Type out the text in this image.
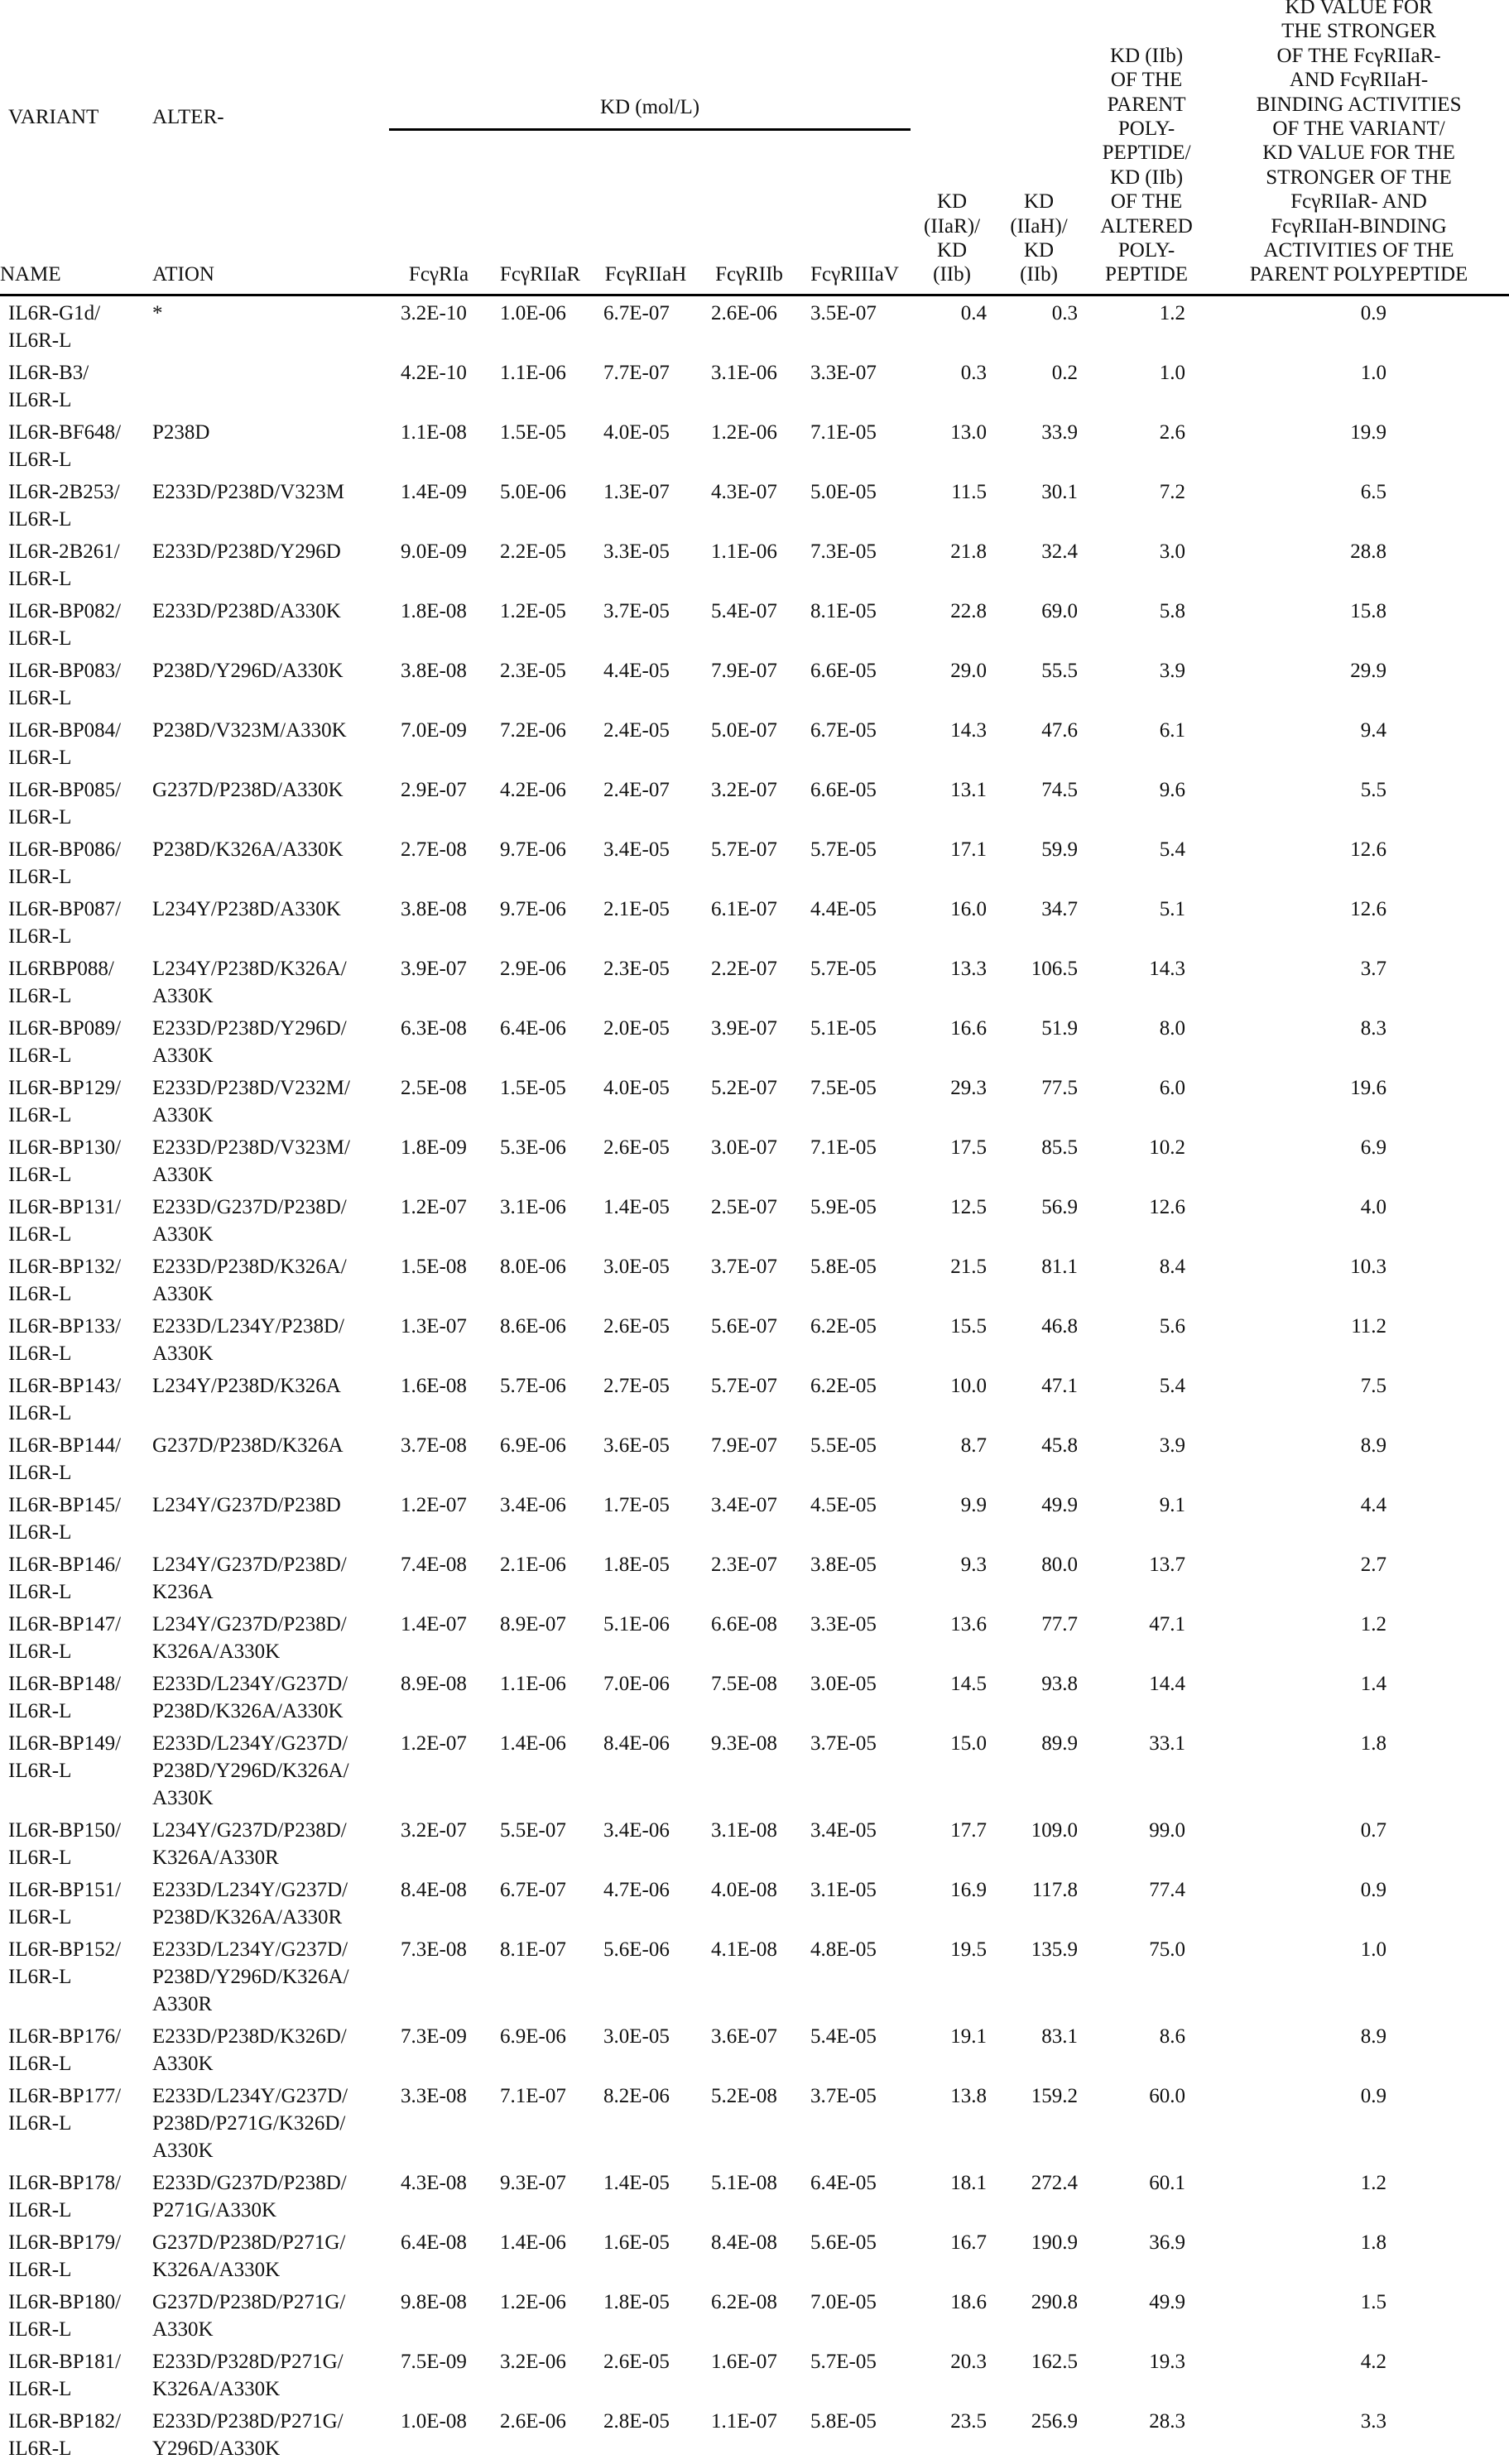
VARIANT	ALTER-	KD (mol/L)	KD
(IIaR)/
KD
(IIb)	KD
(IIaH)/
KD
(IIb)	KD (IIb)
OF THE
PARENT
POLY-
PEPTIDE/
KD (IIb)
OF THE
ALTERED
POLY-
PEPTIDE	KD VALUE FOR
THE STRONGER
OF THE FcγRIIaR-
AND FcγRIIaH-
BINDING ACTIVITIES
OF THE VARIANT/
KD VALUE FOR THE
STRONGER OF THE
FcγRIIaR- AND
FcγRIIaH-BINDING
ACTIVITIES OF THE
PARENT POLYPEPTIDE
NAME	ATION	FcγRIa	FcγRIIaR	FcγRIIaH	FcγRIIb	FcγRIIIaV
IL6R-G1d/
IL6R-L	*	3.2E-10	1.0E-06	6.7E-07	2.6E-06	3.5E-07	0.4	0.3	1.2	0.9
IL6R-B3/
IL6R-L		4.2E-10	1.1E-06	7.7E-07	3.1E-06	3.3E-07	0.3	0.2	1.0	1.0
IL6R-BF648/
IL6R-L	P238D	1.1E-08	1.5E-05	4.0E-05	1.2E-06	7.1E-05	13.0	33.9	2.6	19.9
IL6R-2B253/
IL6R-L	E233D/P238D/V323M	1.4E-09	5.0E-06	1.3E-07	4.3E-07	5.0E-05	11.5	30.1	7.2	6.5
IL6R-2B261/
IL6R-L	E233D/P238D/Y296D	9.0E-09	2.2E-05	3.3E-05	1.1E-06	7.3E-05	21.8	32.4	3.0	28.8
IL6R-BP082/
IL6R-L	E233D/P238D/A330K	1.8E-08	1.2E-05	3.7E-05	5.4E-07	8.1E-05	22.8	69.0	5.8	15.8
IL6R-BP083/
IL6R-L	P238D/Y296D/A330K	3.8E-08	2.3E-05	4.4E-05	7.9E-07	6.6E-05	29.0	55.5	3.9	29.9
IL6R-BP084/
IL6R-L	P238D/V323M/A330K	7.0E-09	7.2E-06	2.4E-05	5.0E-07	6.7E-05	14.3	47.6	6.1	9.4
IL6R-BP085/
IL6R-L	G237D/P238D/A330K	2.9E-07	4.2E-06	2.4E-07	3.2E-07	6.6E-05	13.1	74.5	9.6	5.5
IL6R-BP086/
IL6R-L	P238D/K326A/A330K	2.7E-08	9.7E-06	3.4E-05	5.7E-07	5.7E-05	17.1	59.9	5.4	12.6
IL6R-BP087/
IL6R-L	L234Y/P238D/A330K	3.8E-08	9.7E-06	2.1E-05	6.1E-07	4.4E-05	16.0	34.7	5.1	12.6
IL6RBP088/
IL6R-L	L234Y/P238D/K326A/
A330K	3.9E-07	2.9E-06	2.3E-05	2.2E-07	5.7E-05	13.3	106.5	14.3	3.7
IL6R-BP089/
IL6R-L	E233D/P238D/Y296D/
A330K	6.3E-08	6.4E-06	2.0E-05	3.9E-07	5.1E-05	16.6	51.9	8.0	8.3
IL6R-BP129/
IL6R-L	E233D/P238D/V232M/
A330K	2.5E-08	1.5E-05	4.0E-05	5.2E-07	7.5E-05	29.3	77.5	6.0	19.6
IL6R-BP130/
IL6R-L	E233D/P238D/V323M/
A330K	1.8E-09	5.3E-06	2.6E-05	3.0E-07	7.1E-05	17.5	85.5	10.2	6.9
IL6R-BP131/
IL6R-L	E233D/G237D/P238D/
A330K	1.2E-07	3.1E-06	1.4E-05	2.5E-07	5.9E-05	12.5	56.9	12.6	4.0
IL6R-BP132/
IL6R-L	E233D/P238D/K326A/
A330K	1.5E-08	8.0E-06	3.0E-05	3.7E-07	5.8E-05	21.5	81.1	8.4	10.3
IL6R-BP133/
IL6R-L	E233D/L234Y/P238D/
A330K	1.3E-07	8.6E-06	2.6E-05	5.6E-07	6.2E-05	15.5	46.8	5.6	11.2
IL6R-BP143/
IL6R-L	L234Y/P238D/K326A	1.6E-08	5.7E-06	2.7E-05	5.7E-07	6.2E-05	10.0	47.1	5.4	7.5
IL6R-BP144/
IL6R-L	G237D/P238D/K326A	3.7E-08	6.9E-06	3.6E-05	7.9E-07	5.5E-05	8.7	45.8	3.9	8.9
IL6R-BP145/
IL6R-L	L234Y/G237D/P238D	1.2E-07	3.4E-06	1.7E-05	3.4E-07	4.5E-05	9.9	49.9	9.1	4.4
IL6R-BP146/
IL6R-L	L234Y/G237D/P238D/
K236A	7.4E-08	2.1E-06	1.8E-05	2.3E-07	3.8E-05	9.3	80.0	13.7	2.7
IL6R-BP147/
IL6R-L	L234Y/G237D/P238D/
K326A/A330K	1.4E-07	8.9E-07	5.1E-06	6.6E-08	3.3E-05	13.6	77.7	47.1	1.2
IL6R-BP148/
IL6R-L	E233D/L234Y/G237D/
P238D/K326A/A330K	8.9E-08	1.1E-06	7.0E-06	7.5E-08	3.0E-05	14.5	93.8	14.4	1.4
IL6R-BP149/
IL6R-L	E233D/L234Y/G237D/
P238D/Y296D/K326A/
A330K	1.2E-07	1.4E-06	8.4E-06	9.3E-08	3.7E-05	15.0	89.9	33.1	1.8
IL6R-BP150/
IL6R-L	L234Y/G237D/P238D/
K326A/A330R	3.2E-07	5.5E-07	3.4E-06	3.1E-08	3.4E-05	17.7	109.0	99.0	0.7
IL6R-BP151/
IL6R-L	E233D/L234Y/G237D/
P238D/K326A/A330R	8.4E-08	6.7E-07	4.7E-06	4.0E-08	3.1E-05	16.9	117.8	77.4	0.9
IL6R-BP152/
IL6R-L	E233D/L234Y/G237D/
P238D/Y296D/K326A/
A330R	7.3E-08	8.1E-07	5.6E-06	4.1E-08	4.8E-05	19.5	135.9	75.0	1.0
IL6R-BP176/
IL6R-L	E233D/P238D/K326D/
A330K	7.3E-09	6.9E-06	3.0E-05	3.6E-07	5.4E-05	19.1	83.1	8.6	8.9
IL6R-BP177/
IL6R-L	E233D/L234Y/G237D/
P238D/P271G/K326D/
A330K	3.3E-08	7.1E-07	8.2E-06	5.2E-08	3.7E-05	13.8	159.2	60.0	0.9
IL6R-BP178/
IL6R-L	E233D/G237D/P238D/
P271G/A330K	4.3E-08	9.3E-07	1.4E-05	5.1E-08	6.4E-05	18.1	272.4	60.1	1.2
IL6R-BP179/
IL6R-L	G237D/P238D/P271G/
K326A/A330K	6.4E-08	1.4E-06	1.6E-05	8.4E-08	5.6E-05	16.7	190.9	36.9	1.8
IL6R-BP180/
IL6R-L	G237D/P238D/P271G/
A330K	9.8E-08	1.2E-06	1.8E-05	6.2E-08	7.0E-05	18.6	290.8	49.9	1.5
IL6R-BP181/
IL6R-L	E233D/P328D/P271G/
K326A/A330K	7.5E-09	3.2E-06	2.6E-05	1.6E-07	5.7E-05	20.3	162.5	19.3	4.2
IL6R-BP182/
IL6R-L	E233D/P238D/P271G/
Y296D/A330K	1.0E-08	2.6E-06	2.8E-05	1.1E-07	5.8E-05	23.5	256.9	28.3	3.3
